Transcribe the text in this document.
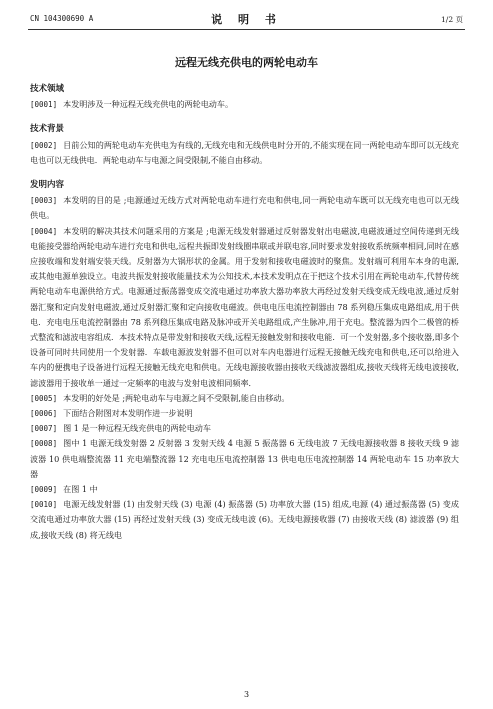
CN 104300690 A	说 明 书	1/2 页
远程无线充供电的两轮电动车
技术领域
[0001] 本发明涉及一种远程无线充供电的两轮电动车。
技术背景
[0002] 目前公知的两轮电动车充供电为有线的,无线充电和无线供电时分开的,不能实现在同一两轮电动车即可以无线充电也可以无线供电．两轮电动车与电源之间受限制,不能自由移动。
发明内容
[0003] 本发明的目的是 ;电源通过无线方式对两轮电动车进行充电和供电,同一两轮电动车既可以无线充电也可以无线供电。
[0004] 本发明的解决其技术问题采用的方案是 ;电源无线发射器通过反射器发射出电磁波,电磁波通过空间传递到无线电能接受器给两轮电动车进行充电和供电,远程共振即发射线圈串联或并联电容,同时要求发射接收系统频率相同,同时在感应接收端和发射端安装天线。反射器为大锅形状的金属。用于发射和接收电磁波时的聚焦。发射端可利用车本身的电源,或其他电源单独设立。电波共振发射接收能量技术为公知技术,本技术发明点在于把这个技术引用在两轮电动车,代替传统两轮电动车电源供给方式。电源通过振荡器变成交流电通过功率放大器功率放大再经过发射天线变成无线电波,通过反射器汇聚和定向发射电磁波,通过反射器汇聚和定向接收电磁波。供电电压电流控制器由 78 系列稳压集成电路组成,用于供电．充电电压电流控制器由 78 系列稳压集成电路及脉冲或开关电路组成,产生脉冲,用于充电。整流器为四个二极管的桥式整流和滤波电容组成．本技术特点是带发射和接收天线,远程无接触发射和接收电能．可一个发射器,多个接收器,即多个设备可同时共同使用一个发射器．车载电源波发射器不但可以对车内电器进行远程无接触无线充电和供电,还可以给进入车内的便携电子设备进行远程无接触无线充电和供电。无线电源接收器由接收天线滤波器组成,接收天线将无线电波接收,滤波器用于接收单一通过一定频率的电波与发射电波相同频率．
[0005] 本发明的好处是 ;两轮电动车与电源之间不受限制,能自由移动。
[0006] 下面结合附图对本发明作进一步说明
[0007] 图 1 是一种远程无线充供电的两轮电动车
[0008] 图中 1 电源无线发射器 2 反射器 3 发射天线 4 电源 5 振荡器 6 无线电波 7 无线电源接收器 8 接收天线 9 滤波器 10 供电端整流器 11 充电端整流器 12 充电电压电流控制器 13 供电电压电流控制器 14 两轮电动车 15 功率放大器
[0009] 在图 1 中
[0010] 电源无线发射器 (1) 由发射天线 (3) 电源 (4) 振荡器 (5) 功率放大器 (15) 组成,电源 (4) 通过振荡器 (5) 变成交流电通过功率放大器 (15) 再经过发射天线 (3) 变成无线电波 (6)。无线电源接收器 (7) 由接收天线 (8) 滤波器 (9) 组成,接收天线 (8) 将无线电
3
